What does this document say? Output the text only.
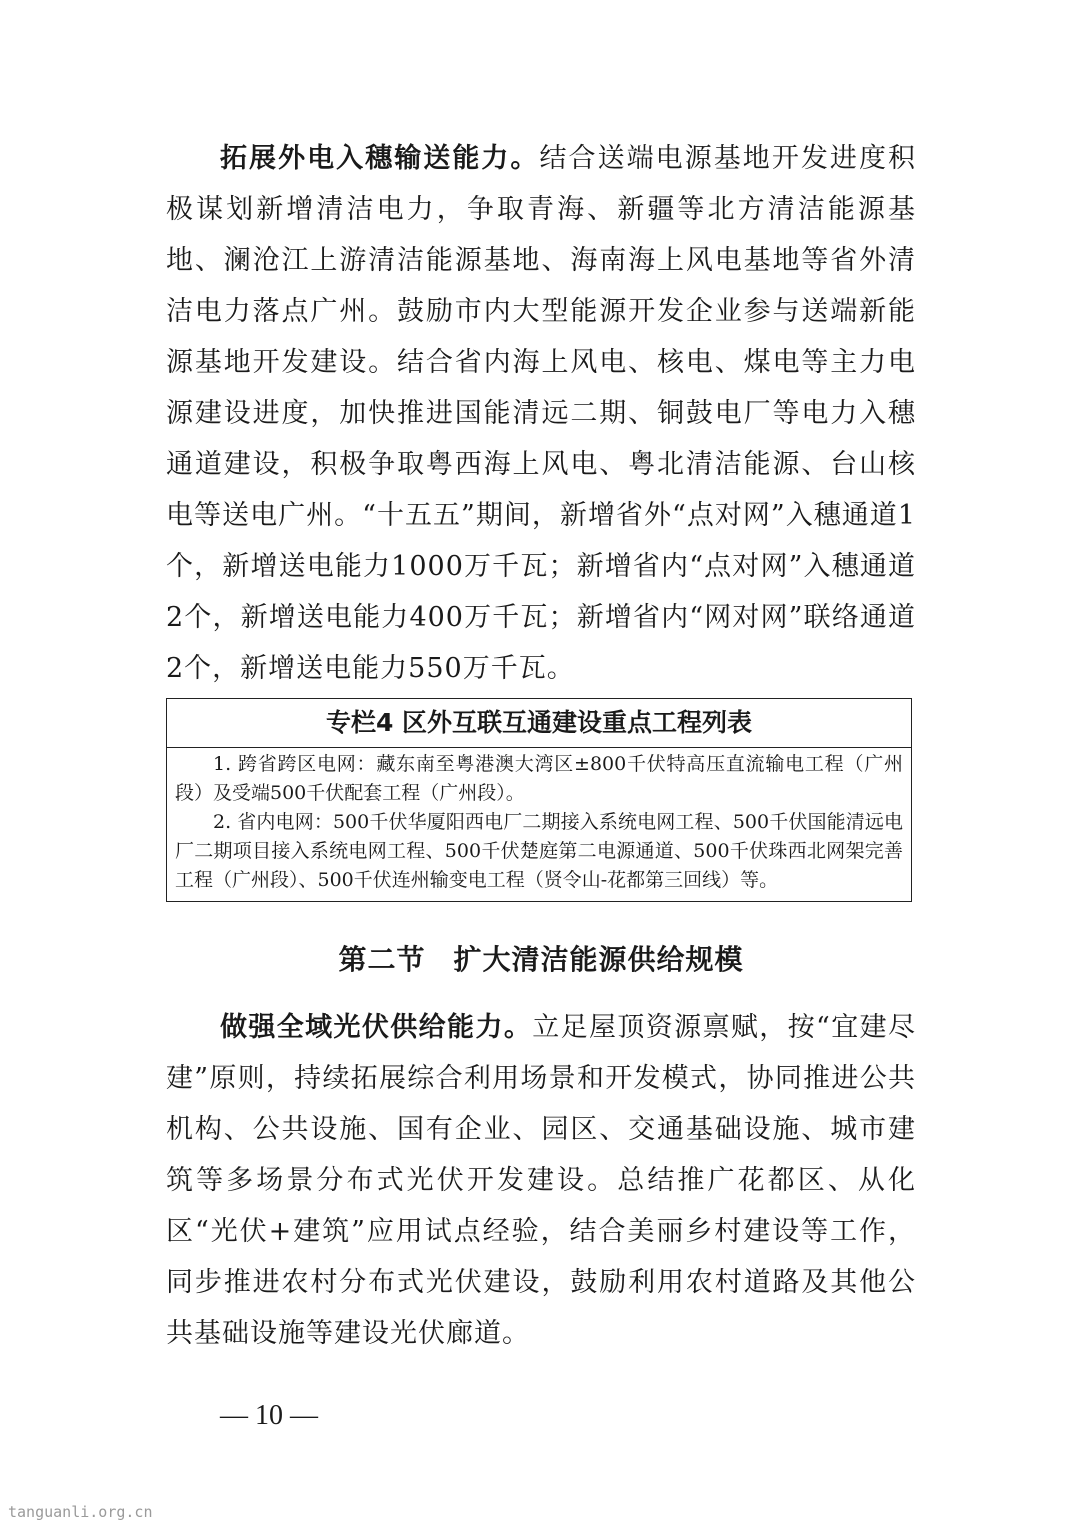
拓展外电入穗输送能力。结合送端电源基地开发进度积极谋划新增清洁电力，争取青海、新疆等北方清洁能源基地、澜沧江上游清洁能源基地、海南海上风电基地等省外清洁电力落点广州。鼓励市内大型能源开发企业参与送端新能源基地开发建设。结合省内海上风电、核电、煤电等主力电源建设进度，加快推进国能清远二期、铜鼓电厂等电力入穗通道建设，积极争取粤西海上风电、粤北清洁能源、台山核电等送电广州。“十五五”期间，新增省外“点对网”入穗通道1个，新增送电能力1000万千瓦；新增省内“点对网”入穗通道2个，新增送电能力400万千瓦；新增省内“网对网”联络通道2个，新增送电能力550万千瓦。

专栏4 区外互联互通建设重点工程列表

1. 跨省跨区电网：藏东南至粤港澳大湾区±800千伏特高压直流输电工程（广州段）及受端500千伏配套工程（广州段）。

2. 省内电网：500千伏华厦阳西电厂二期接入系统电网工程、500千伏国能清远电厂二期项目接入系统电网工程、500千伏楚庭第二电源通道、500千伏珠西北网架完善工程（广州段）、500千伏连州输变电工程（贤令山-花都第三回线）等。

第二节 扩大清洁能源供给规模

做强全域光伏供给能力。立足屋顶资源禀赋，按“宜建尽建”原则，持续拓展综合利用场景和开发模式，协同推进公共机构、公共设施、国有企业、园区、交通基础设施、城市建筑等多场景分布式光伏开发建设。总结推广花都区、从化区“光伏+建筑”应用试点经验，结合美丽乡村建设等工作，同步推进农村分布式光伏建设，鼓励利用农村道路及其他公共基础设施等建设光伏廊道。

— 10 —
tanguanli.org.cn
